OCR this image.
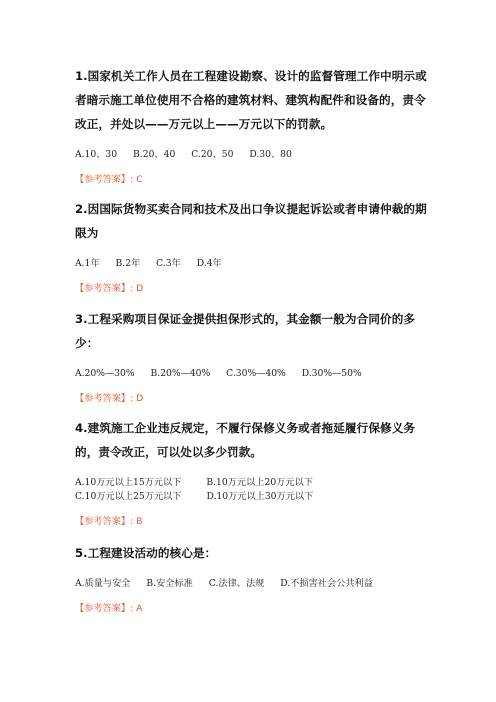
1.国家机关工作人员在工程建设勘察、设计的监督管理工作中明示或者暗示施工单位使用不合格的建筑材料、建筑构配件和设备的，责令改正，并处以——万元以上——万元以下的罚款。

A.10、30 B.20、40 C.20、50 D.30、80
【参考答案】: C

2.因国际货物买卖合同和技术及出口争议提起诉讼或者申请仲裁的期限为

A.1年 B.2年 C.3年 D.4年
【参考答案】: D

3.工程采购项目保证金提供担保形式的，其金额一般为合同价的多少：

A.20%—30% B.20%—40% C.30%—40% D.30%—50%
【参考答案】: D

4.建筑施工企业违反规定，不履行保修义务或者拖延履行保修义务的，责令改正，可以处以多少罚款。

A.10万元以上15万元以下	B.10万元以上20万元以下 C.10万元以上25万元以下	D.10万元以上30万元以下
【参考答案】: B

5.工程建设活动的核心是：

A.质量与安全 B.安全标准 C.法律、法规 D.不损害社会公共利益
【参考答案】: A
